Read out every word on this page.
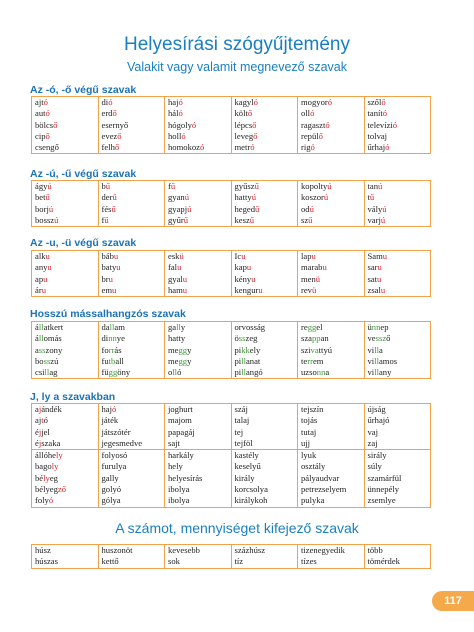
Helyesírási szógyűjtemény
Valakit vagy valamit megnevező szavak
Az -ó, -ő végű szavak
ajtó	dió	hajó	kagyló	mogyoró	szőlő
autó	erdő	háló	költő	olló	tanító
bölcső	esernyő	hógolyó	lépcső	ragasztó	televízió
cipő	evező	holló	levegő	repülő	tolvaj
csengő	felhő	homokozó	metró	rigó	űrhajó
Az -ú, -ű végű szavak
ágyú	bű	fű	gyűszű	kopoltyú	tanú
betű	derű	gyanú	hattyú	koszorú	tű
borjú	fésű	gyapjú	hegedű	odú	vályú
bosszú	fű	gyűrű	keszű	szű	varjú
Az -u, -ü végű szavak
alku	bábu	eskü	Icu	lapu	Samu
anyu	batyu	falu	kapu	marabu	saru
apu	bru	gyalu	kényu	menü	satu
áru	emu	hamu	kenguru	revü	zsalu
Hosszú mássalhangzós szavak
állatkert	dallam	gally	orvosság	reggel	ünnep
állomás	dinnye	hatty	összeg	szappan	vessző
asszony	forrás	meggy	pikkely	szivattyú	villa
bosszú	futball	meggy	pillanat	terrem	villamos
csillag	függöny	olló	pillangó	uzsonna	villany
J, ly a szavakban
ajándék	hajó	joghurt	száj	tejszín	újság
ajtó	játék	majom	talaj	tojás	űrhajó
éjjel	játszótér	papagáj	tej	tutaj	vaj
éjszaka	jegesmedve	sajt	tejföl	ujj	zaj
állóhely	folyosó	harkály	kastély	lyuk	sirály
bagoly	furulya	hely	keselyű	osztály	súly
bélyeg	gally	helyesírás	király	pályaudvar	szamárfül
bélyegző	golyó	ibolya	korcsolya	petrezselyem	ünnepély
folyó	gólya	ibolya	királykoh	pulyka	zsemlye
A számot, mennyiséget kifejező szavak
húsz	huszonöt	kevesebb	százhúsz	tizenegyedik	több
húszas	kettő	sok	tíz	tízes	tömérdek
117
